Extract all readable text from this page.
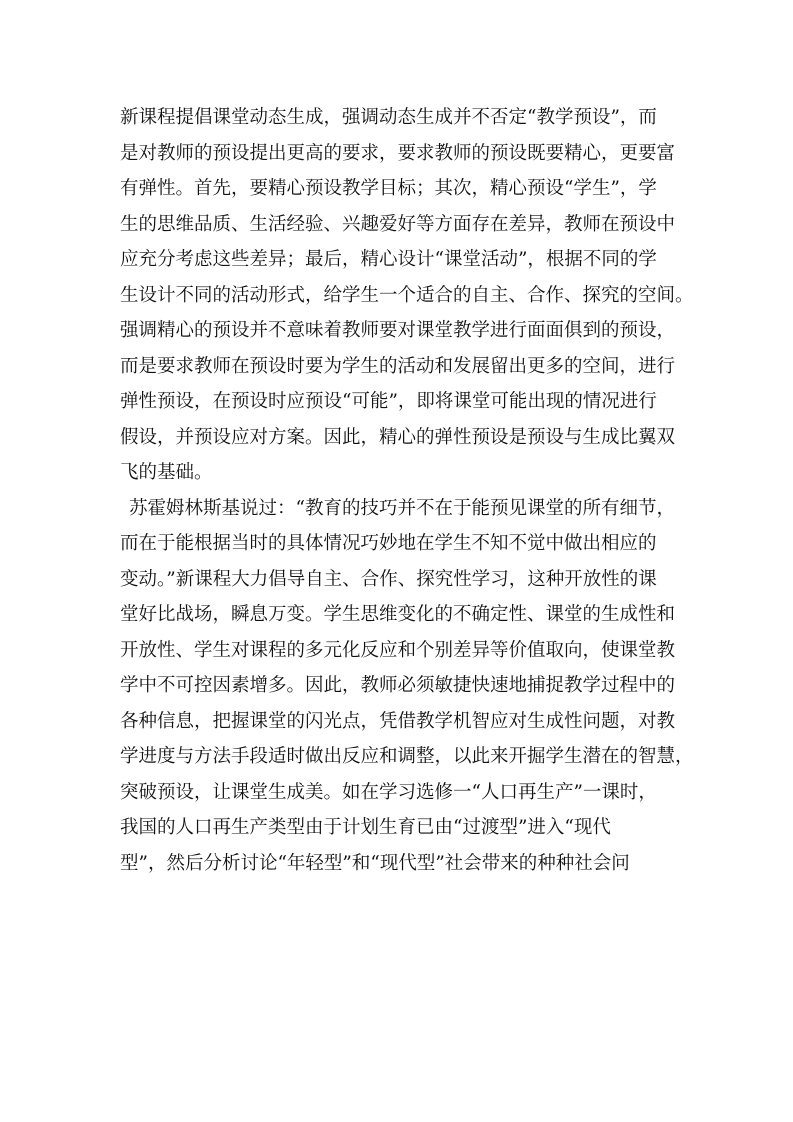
新课程提倡课堂动态生成，强调动态生成并不否定“教学预设”，而
是对教师的预设提出更高的要求，要求教师的预设既要精心，更要富
有弹性。首先，要精心预设教学目标；其次，精心预设“学生”，学
生的思维品质、生活经验、兴趣爱好等方面存在差异，教师在预设中
应充分考虑这些差异；最后，精心设计“课堂活动”，根据不同的学
生设计不同的活动形式，给学生一个适合的自主、合作、探究的空间。
强调精心的预设并不意味着教师要对课堂教学进行面面俱到的预设，
而是要求教师在预设时要为学生的活动和发展留出更多的空间，进行
弹性预设，在预设时应预设“可能”，即将课堂可能出现的情况进行
假设，并预设应对方案。因此，精心的弹性预设是预设与生成比翼双
飞的基础。
苏霍姆林斯基说过：“教育的技巧并不在于能预见课堂的所有细节，
而在于能根据当时的具体情况巧妙地在学生不知不觉中做出相应的
变动。”新课程大力倡导自主、合作、探究性学习，这种开放性的课
堂好比战场，瞬息万变。学生思维变化的不确定性、课堂的生成性和
开放性、学生对课程的多元化反应和个别差异等价值取向，使课堂教
学中不可控因素增多。因此，教师必须敏捷快速地捕捉教学过程中的
各种信息，把握课堂的闪光点，凭借教学机智应对生成性问题，对教
学进度与方法手段适时做出反应和调整，以此来开掘学生潜在的智慧，
突破预设，让课堂生成美。如在学习选修一“人口再生产”一课时，
我国的人口再生产类型由于计划生育已由“过渡型”进入“现代
型”，然后分析讨论“年轻型”和“现代型”社会带来的种种社会问
